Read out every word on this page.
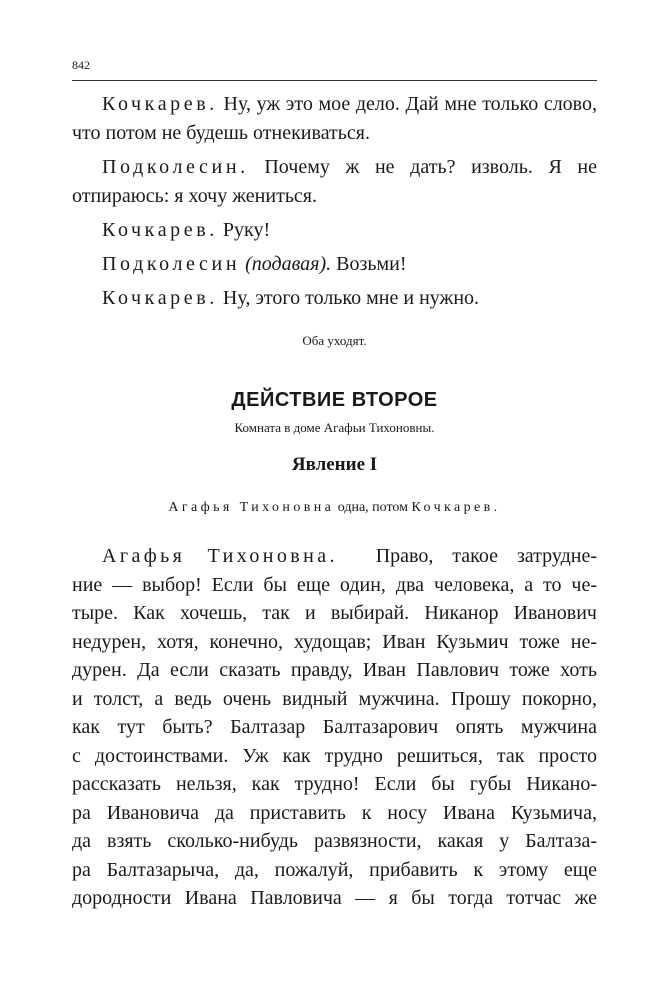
842

Кочкарев. Ну, уж это мое дело. Дай мне только слово, что потом не будешь отнекиваться.

Подколесин. Почему ж не дать? изволь. Я не отпираюсь: я хочу жениться.

Кочкарев. Руку!

Подколесин (подавая). Возьми!

Кочкарев. Ну, этого только мне и нужно.

Оба уходят.
ДЕЙСТВИЕ ВТОРОЕ
Комната в доме Агафьи Тихоновны.
Явление I
Агафья Тихоновна одна, потом Кочкарев.
Агафья Тихоновна. Право, такое затрудне-
ние — выбор! Если бы еще один, два человека, а то че-
тыре. Как хочешь, так и выбирай. Никанор Иванович
недурен, хотя, конечно, худощав; Иван Кузьмич тоже не-
дурен. Да если сказать правду, Иван Павлович тоже хоть
и толст, а ведь очень видный мужчина. Прошу покорно,
как тут быть? Балтазар Балтазарович опять мужчина
с достоинствами. Уж как трудно решиться, так просто
рассказать нельзя, как трудно! Если бы губы Никано-
ра Ивановича да приставить к носу Ивана Кузьмича,
да взять сколько-нибудь развязности, какая у Балтаза-
ра Балтазарыча, да, пожалуй, прибавить к этому еще
дородности Ивана Павловича — я бы тогда тотчас же
